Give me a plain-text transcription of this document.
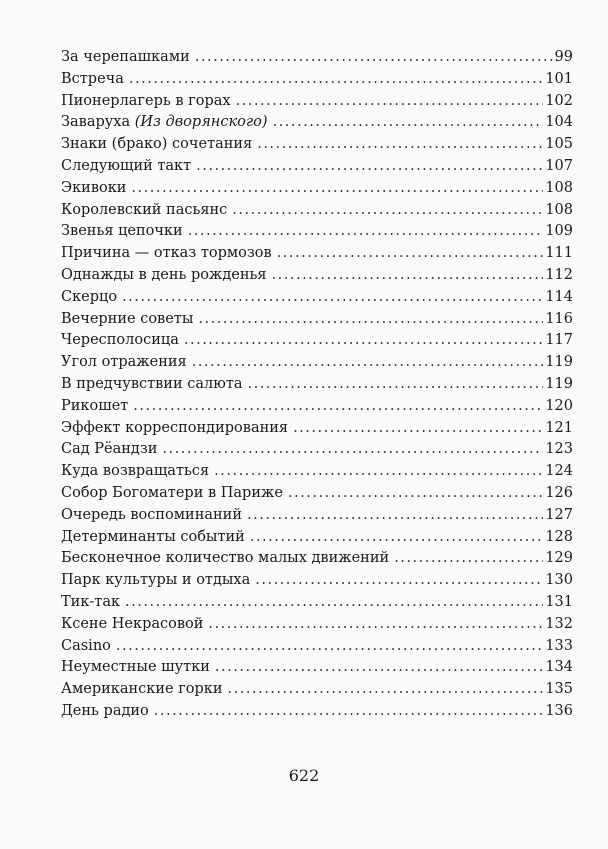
За черепашками .....	99
Встреча .....	101
Пионерлагерь в горах .....	102
Заваруха (Из дворянского) .....	104
Знаки (брако) сочетания .....	105
Следующий такт .....	107
Экивоки .....	108
Королевский пасьянс .....	108
Звенья цепочки .....	109
Причина — отказ тормозов .....	111
Однажды в день рожденья .....	112
Скерцо .....	114
Вечерние советы .....	116
Чересполосица .....	117
Угол отражения .....	119
В предчувствии салюта .....	119
Рикошет .....	120
Эффект корреспондирования .....	121
Сад Рёандзи .....	123
Куда возвращаться .....	124
Собор Богоматери в Париже .....	126
Очередь воспоминаний .....	127
Детерминанты событий .....	128
Бесконечное количество малых движений .....	129
Парк культуры и отдыха .....	130
Тик-так .....	131
Ксене Некрасовой .....	132
Casino .....	133
Неуместные шутки .....	134
Американские горки .....	135
День радио .....	136
622
